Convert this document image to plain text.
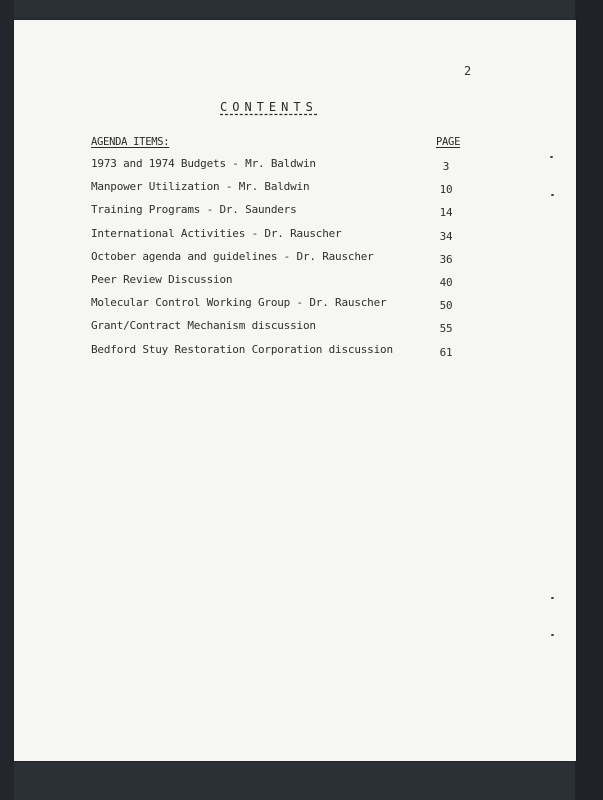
2
CONTENTS
AGENDA ITEMS:	PAGE
1973 and 1974 Budgets - Mr. Baldwin	3
Manpower Utilization - Mr. Baldwin	10
Training Programs - Dr. Saunders	14
International Activities - Dr. Rauscher	34
October agenda and guidelines - Dr. Rauscher	36
Peer Review Discussion	40
Molecular Control Working Group - Dr. Rauscher	50
Grant/Contract Mechanism discussion	55
Bedford Stuy Restoration Corporation discussion	61
